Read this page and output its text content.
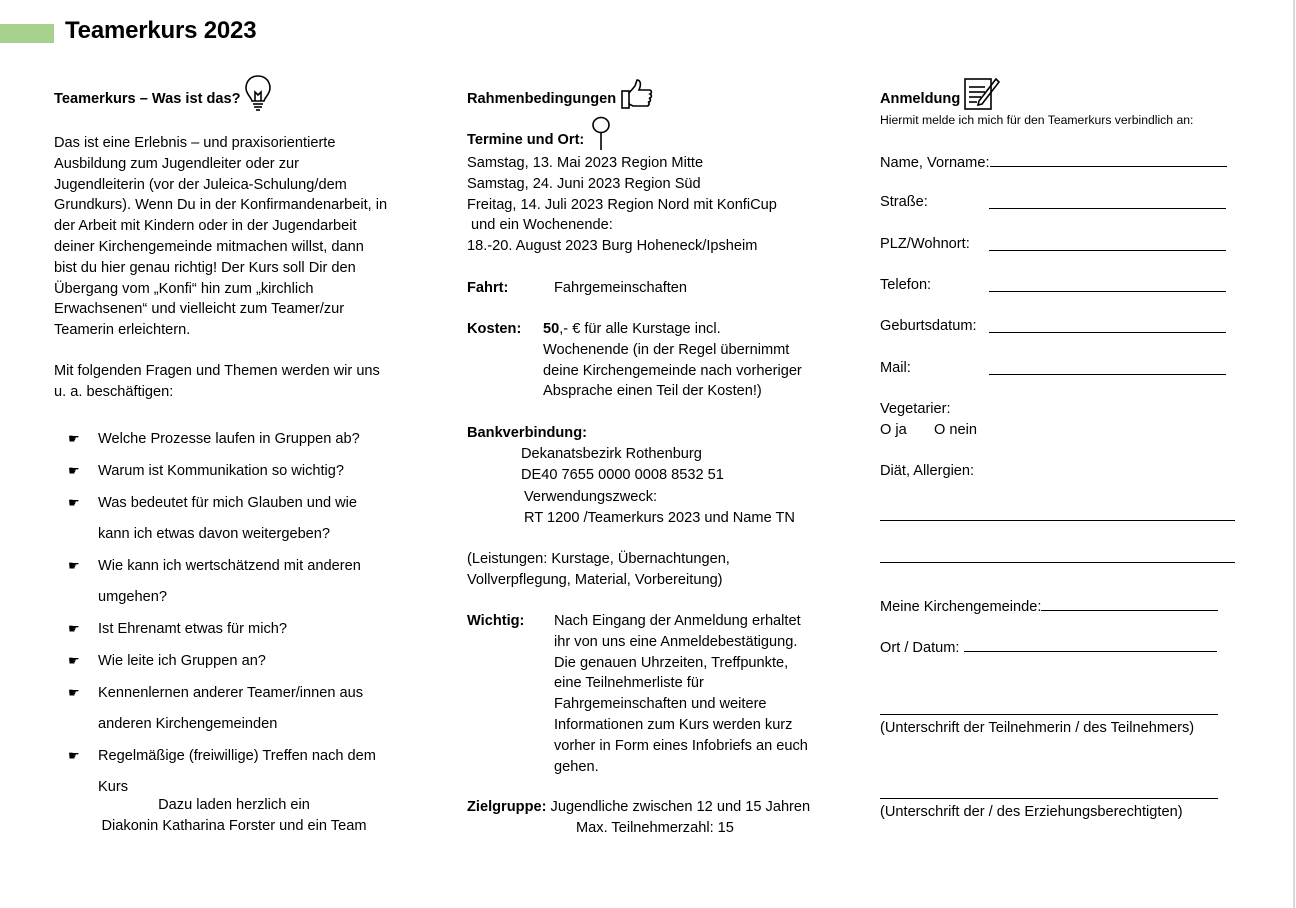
Teamerkurs 2023
Teamerkurs – Was ist das?
Das ist eine Erlebnis – und praxisorientierte
Ausbildung zum Jugendleiter oder zur
Jugendleiterin (vor der Juleica-Schulung/dem
Grundkurs). Wenn Du in der Konfirmandenarbeit, in
der Arbeit mit Kindern oder in der Jugendarbeit
deiner Kirchengemeinde mitmachen willst, dann
bist du hier genau richtig! Der Kurs soll Dir den
Übergang vom „Konfi“ hin zum „kirchlich
Erwachsenen“ und vielleicht zum Teamer/zur
Teamerin erleichtern.
Mit folgenden Fragen und Themen werden wir uns
u. a. beschäftigen:
☛ Welche Prozesse laufen in Gruppen ab?
☛ Warum ist Kommunikation so wichtig?
☛ Was bedeutet für mich Glauben und wie
kann ich etwas davon weitergeben?
☛ Wie kann ich wertschätzend mit anderen
umgehen?
☛ Ist Ehrenamt etwas für mich?
☛ Wie leite ich Gruppen an?
☛ Kennenlernen anderer Teamer/innen aus
anderen Kirchengemeinden
☛ Regelmäßige (freiwillige) Treffen nach dem
Kurs
Dazu laden herzlich ein
Diakonin Katharina Forster und ein Team
Rahmenbedingungen
Termine und Ort:
Samstag, 13. Mai 2023 Region Mitte
Samstag, 24. Juni 2023 Region Süd
Freitag, 14. Juli 2023 Region Nord mit KonfiCup
und ein Wochenende:
18.-20. August 2023 Burg Hoheneck/Ipsheim
Fahrt:	Fahrgemeinschaften
Kosten: 50,- € für alle Kurstage incl.
Wochenende (in der Regel übernimmt
deine Kirchengemeinde nach vorheriger
Absprache einen Teil der Kosten!)
Bankverbindung:
Dekanatsbezirk Rothenburg
DE40 7655 0000 0008 8532 51
Verwendungszweck:
RT 1200 /Teamerkurs 2023 und Name TN
(Leistungen: Kurstage, Übernachtungen,
Vollverpflegung, Material, Vorbereitung)
Wichtig: Nach Eingang der Anmeldung erhaltet
ihr von uns eine Anmeldebestätigung.
Die genauen Uhrzeiten, Treffpunkte,
eine Teilnehmerliste für
Fahrgemeinschaften und weitere
Informationen zum Kurs werden kurz
vorher in Form eines Infobriefs an euch
gehen.
Zielgruppe: Jugendliche zwischen 12 und 15 Jahren
Max. Teilnehmerzahl: 15
Anmeldung
Hiermit melde ich mich für den Teamerkurs verbindlich an:
Name, Vorname:
Straße:
PLZ/Wohnort:
Telefon:
Geburtsdatum:
Mail:
Vegetarier:
O ja O nein
Diät, Allergien:
Meine Kirchengemeinde:
Ort / Datum:
(Unterschrift der Teilnehmerin / des Teilnehmers)
(Unterschrift der / des Erziehungsberechtigten)
